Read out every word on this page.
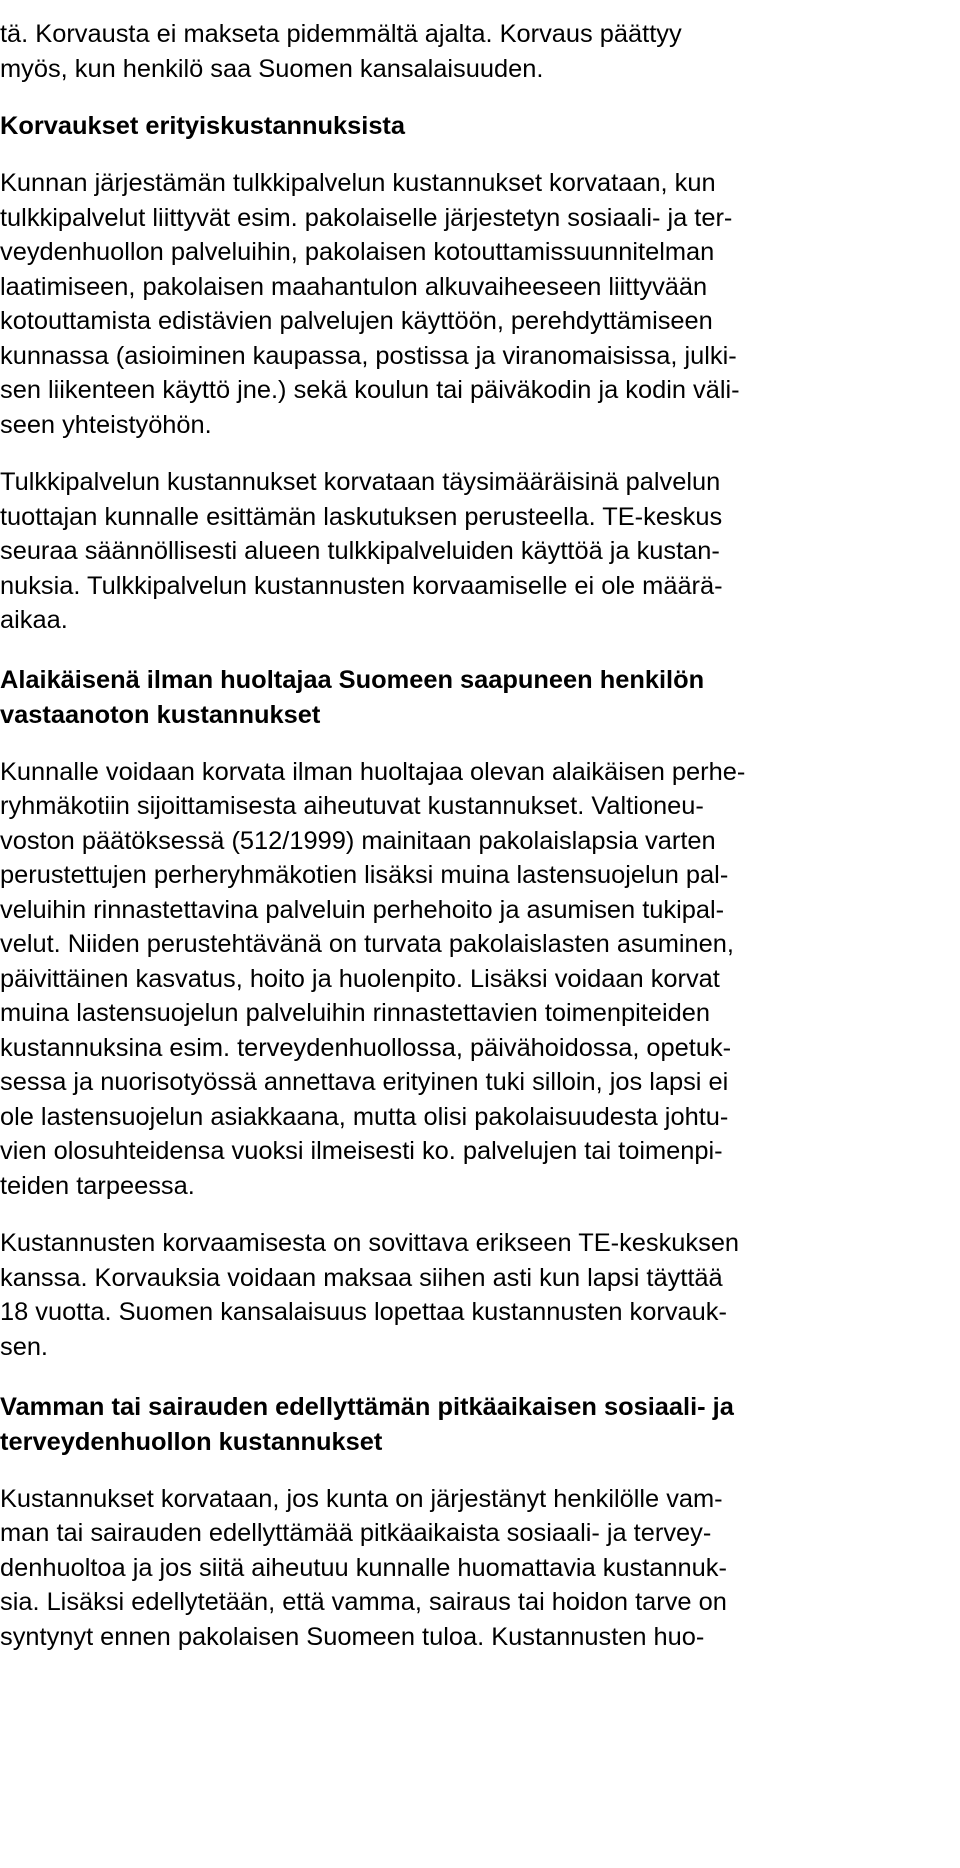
tä. Korvausta ei makseta pidemmältä ajalta. Korvaus päättyy
myös, kun henkilö saa Suomen kansalaisuuden.
Korvaukset erityiskustannuksista
Kunnan järjestämän tulkkipalvelun kustannukset korvataan, kun
tulkkipalvelut liittyvät esim. pakolaiselle järjestetyn sosiaali- ja ter-
veydenhuollon palveluihin, pakolaisen kotouttamissuunnitelman
laatimiseen, pakolaisen maahantulon alkuvaiheeseen liittyvään
kotouttamista edistävien palvelujen käyttöön, perehdyttämiseen
kunnassa (asioiminen kaupassa, postissa ja viranomaisissa, julki-
sen liikenteen käyttö jne.) sekä koulun tai päiväkodin ja kodin väli-
seen yhteistyöhön.
Tulkkipalvelun kustannukset korvataan täysimääräisinä palvelun
tuottajan kunnalle esittämän laskutuksen perusteella. TE-keskus
seuraa säännöllisesti alueen tulkkipalveluiden käyttöä ja kustan-
nuksia. Tulkkipalvelun kustannusten korvaamiselle ei ole määrä-
aikaa.
Alaikäisenä ilman huoltajaa Suomeen saapuneen henkilön
vastaanoton kustannukset
Kunnalle voidaan korvata ilman huoltajaa olevan alaikäisen perhe-
ryhmäkotiin sijoittamisesta aiheutuvat kustannukset. Valtioneu-
voston päätöksessä (512/1999) mainitaan pakolaislapsia varten
perustettujen perheryhmäkotien lisäksi muina lastensuojelun pal-
veluihin rinnastettavina palveluin perhehoito ja asumisen tukipal-
velut. Niiden perustehtävänä on turvata pakolaislasten asuminen,
päivittäinen kasvatus, hoito ja huolenpito. Lisäksi voidaan korvat
muina lastensuojelun palveluihin rinnastettavien toimenpiteiden
kustannuksina esim. terveydenhuollossa, päivähoidossa, opetuk-
sessa ja nuorisotyössä annettava erityinen tuki silloin, jos lapsi ei
ole lastensuojelun asiakkaana, mutta olisi pakolaisuudesta johtu-
vien olosuhteidensa vuoksi ilmeisesti ko. palvelujen tai toimenpi-
teiden tarpeessa.
Kustannusten korvaamisesta on sovittava erikseen TE-keskuksen
kanssa. Korvauksia voidaan maksaa siihen asti kun lapsi täyttää
18 vuotta. Suomen kansalaisuus lopettaa kustannusten korvauk-
sen.
Vamman tai sairauden edellyttämän pitkäaikaisen sosiaali- ja
terveydenhuollon kustannukset
Kustannukset korvataan, jos kunta on järjestänyt henkilölle vam-
man tai sairauden edellyttämää pitkäaikaista sosiaali- ja tervey-
denhuoltoa ja jos siitä aiheutuu kunnalle huomattavia kustannuk-
sia. Lisäksi edellytetään, että vamma, sairaus tai hoidon tarve on
syntynyt ennen pakolaisen Suomeen tuloa. Kustannusten huo-
